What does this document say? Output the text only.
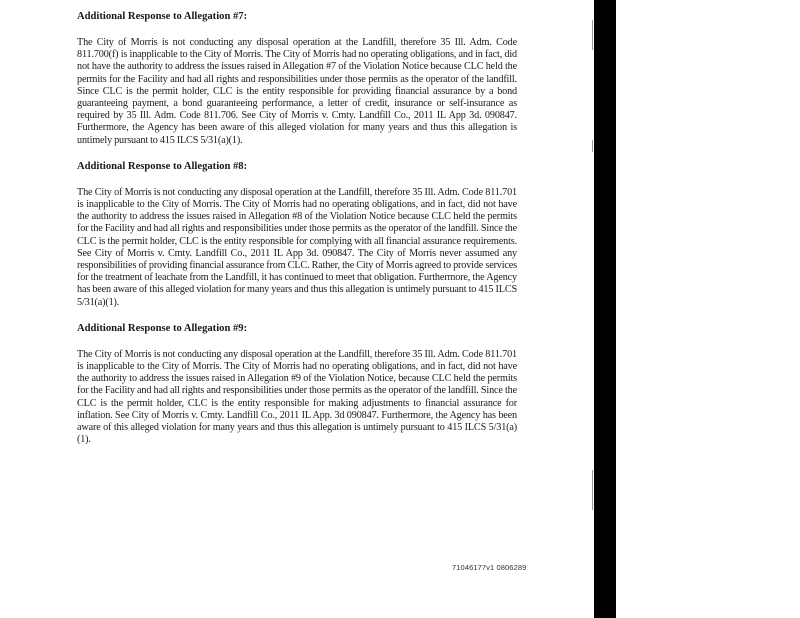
Additional Response to Allegation #7:

The City of Morris is not conducting any disposal operation at the Landfill, therefore 35 Ill. Adm. Code 811.700(f) is inapplicable to the City of Morris. The City of Morris had no operating obligations, and in fact, did not have the authority to address the issues raised in Allegation #7 of the Violation Notice because CLC held the permits for the Facility and had all rights and responsibilities under those permits as the operator of the landfill. Since CLC is the permit holder, CLC is the entity responsible for providing financial assurance by a bond guaranteeing payment, a bond guaranteeing performance, a letter of credit, insurance or self-insurance as required by 35 Ill. Adm. Code 811.706. See City of Morris v. Cmty. Landfill Co., 2011 IL App 3d. 090847. Furthermore, the Agency has been aware of this alleged violation for many years and thus this allegation is untimely pursuant to 415 ILCS 5/31(a)(1).

Additional Response to Allegation #8:

The City of Morris is not conducting any disposal operation at the Landfill, therefore 35 Ill. Adm. Code 811.701 is inapplicable to the City of Morris. The City of Morris had no operating obligations, and in fact, did not have the authority to address the issues raised in Allegation #8 of the Violation Notice because CLC held the permits for the Facility and had all rights and responsibilities under those permits as the operator of the landfill. Since the CLC is the permit holder, CLC is the entity responsible for complying with all financial assurance requirements. See City of Morris v. Cmty. Landfill Co., 2011 IL App 3d. 090847. The City of Morris never assumed any responsibilities of providing financial assurance from CLC. Rather, the City of Morris agreed to provide services for the treatment of leachate from the Landfill, it has continued to meet that obligation. Furthermore, the Agency has been aware of this alleged violation for many years and thus this allegation is untimely pursuant to 415 ILCS 5/31(a)(1).

Additional Response to Allegation #9:

The City of Morris is not conducting any disposal operation at the Landfill, therefore 35 Ill. Adm. Code 811.701 is inapplicable to the City of Morris. The City of Morris had no operating obligations, and in fact, did not have the authority to address the issues raised in Allegation #9 of the Violation Notice, because CLC held the permits for the Facility and had all rights and responsibilities under those permits as the operator of the landfill. Since the CLC is the permit holder, CLC is the entity responsible for making adjustments to financial assurance for inflation. See City of Morris v. Cmty. Landfill Co., 2011 IL App. 3d 090847. Furthermore, the Agency has been aware of this alleged violation for many years and thus this allegation is untimely pursuant to 415 ILCS 5/31(a)(1).

71046177v1 0806289
